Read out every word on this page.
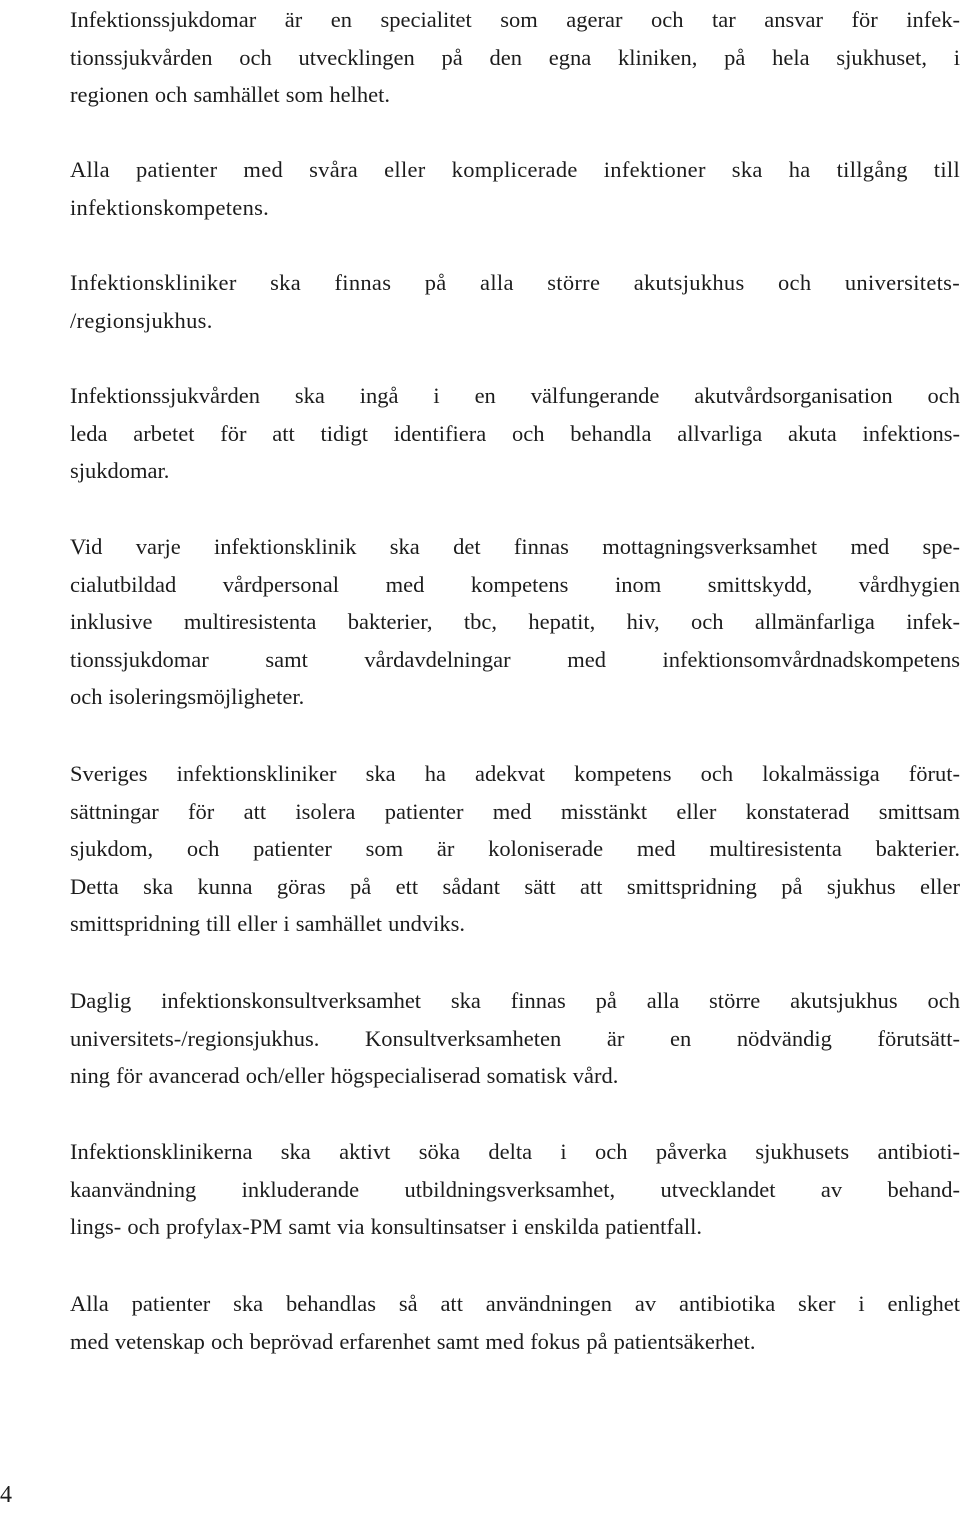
Infektionssjukdomar är en specialitet som agerar och tar ansvar för infek-
tionssjukvården och utvecklingen på den egna kliniken, på hela sjukhuset, i
regionen och samhället som helhet.

Alla patienter med svåra eller komplicerade infektioner ska ha tillgång till
infektionskompetens.

Infektionskliniker ska finnas på alla större akutsjukhus och universitets-
/regionsjukhus.

Infektionssjukvården ska ingå i en välfungerande akutvårdsorganisation och
leda arbetet för att tidigt identifiera och behandla allvarliga akuta infektions-
sjukdomar.

Vid varje infektionsklinik ska det finnas mottagningsverksamhet med spe-
cialutbildad vårdpersonal med kompetens inom smittskydd, vårdhygien
inklusive multiresistenta bakterier, tbc, hepatit, hiv, och allmänfarliga infek-
tionssjukdomar samt vårdavdelningar med infektionsomvårdnadskompetens
och isoleringsmöjligheter.

Sveriges infektionskliniker ska ha adekvat kompetens och lokalmässiga förut-
sättningar för att isolera patienter med misstänkt eller konstaterad smittsam
sjukdom, och patienter som är koloniserade med multiresistenta bakterier.
Detta ska kunna göras på ett sådant sätt att smittspridning på sjukhus eller
smittspridning till eller i samhället undviks.

Daglig infektionskonsultverksamhet ska finnas på alla större akutsjukhus och
universitets-/regionsjukhus. Konsultverksamheten är en nödvändig förutsätt-
ning för avancerad och/eller högspecialiserad somatisk vård.

Infektionsklinikerna ska aktivt söka delta i och påverka sjukhusets antibioti-
kaanvändning inkluderande utbildningsverksamhet, utvecklandet av behand-
lings- och profylax-PM samt via konsultinsatser i enskilda patientfall.

Alla patienter ska behandlas så att användningen av antibiotika sker i enlighet
med vetenskap och beprövad erfarenhet samt med fokus på patientsäkerhet.

4
